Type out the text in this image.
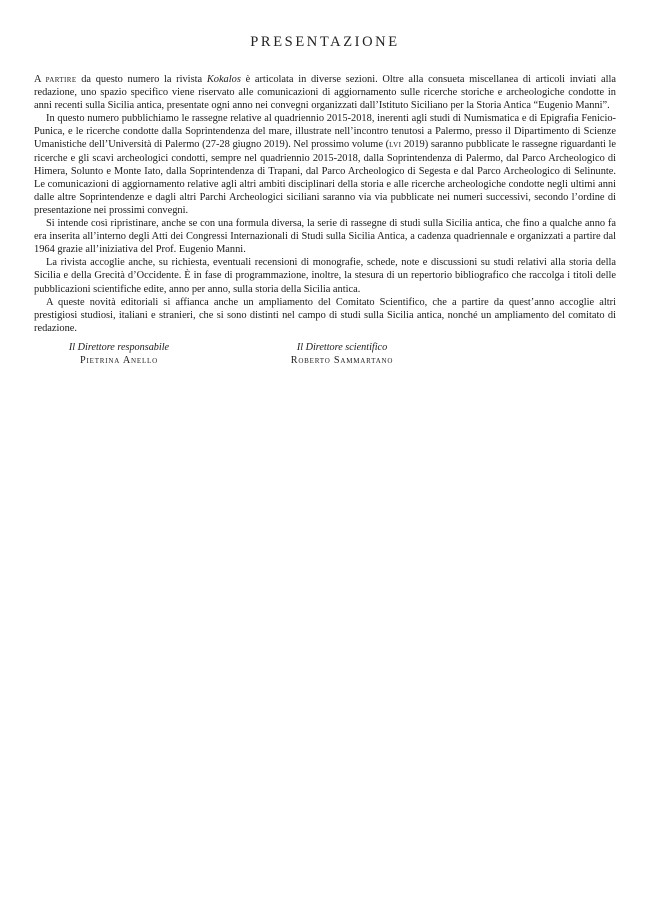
PRESENTAZIONE

A partire da questo numero la rivista Kokalos è articolata in diverse sezioni. Oltre alla consueta miscellanea di articoli inviati alla redazione, uno spazio specifico viene riservato alle comunicazioni di aggiornamento sulle ricerche storiche e archeologiche condotte in anni recenti sulla Sicilia antica, presentate ogni anno nei convegni organizzati dall’Istituto Siciliano per la Storia Antica “Eugenio Manni”.

In questo numero pubblichiamo le rassegne relative al quadriennio 2015-2018, inerenti agli studi di Numismatica e di Epigrafia Fenicio-Punica, e le ricerche condotte dalla Soprintendenza del mare, illustrate nell’incontro tenutosi a Palermo, presso il Dipartimento di Scienze Umanistiche dell’Università di Palermo (27-28 giugno 2019). Nel prossimo volume (lvi 2019) saranno pubblicate le rassegne riguardanti le ricerche e gli scavi archeologici condotti, sempre nel quadriennio 2015-2018, dalla Soprintendenza di Palermo, dal Parco Archeologico di Himera, Solunto e Monte Iato, dalla Soprintendenza di Trapani, dal Parco Archeologico di Segesta e dal Parco Archeologico di Selinunte. Le comunicazioni di aggiornamento relative agli altri ambiti disciplinari della storia e alle ricerche archeologiche condotte negli ultimi anni dalle altre Soprintendenze e dagli altri Parchi Archeologici siciliani saranno via via pubblicate nei numeri successivi, secondo l’ordine di presentazione nei prossimi convegni.

Si intende così ripristinare, anche se con una formula diversa, la serie di rassegne di studi sulla Sicilia antica, che fino a qualche anno fa era inserita all’interno degli Atti dei Congressi Internazionali di Studi sulla Sicilia Antica, a cadenza quadriennale e organizzati a partire dal 1964 grazie all’iniziativa del Prof. Eugenio Manni.

La rivista accoglie anche, su richiesta, eventuali recensioni di monografie, schede, note e discussioni su studi relativi alla storia della Sicilia e della Grecità d’Occidente. È in fase di programmazione, inoltre, la stesura di un repertorio bibliografico che raccolga i titoli delle pubblicazioni scientifiche edite, anno per anno, sulla storia della Sicilia antica.

A queste novità editoriali si affianca anche un ampliamento del Comitato Scientifico, che a partire da quest’anno accoglie altri prestigiosi studiosi, italiani e stranieri, che si sono distinti nel campo di studi sulla Sicilia antica, nonché un ampliamento del comitato di redazione.

Il Direttore responsabile
Pietrina Anello
Il Direttore scientifico
Roberto Sammartano
